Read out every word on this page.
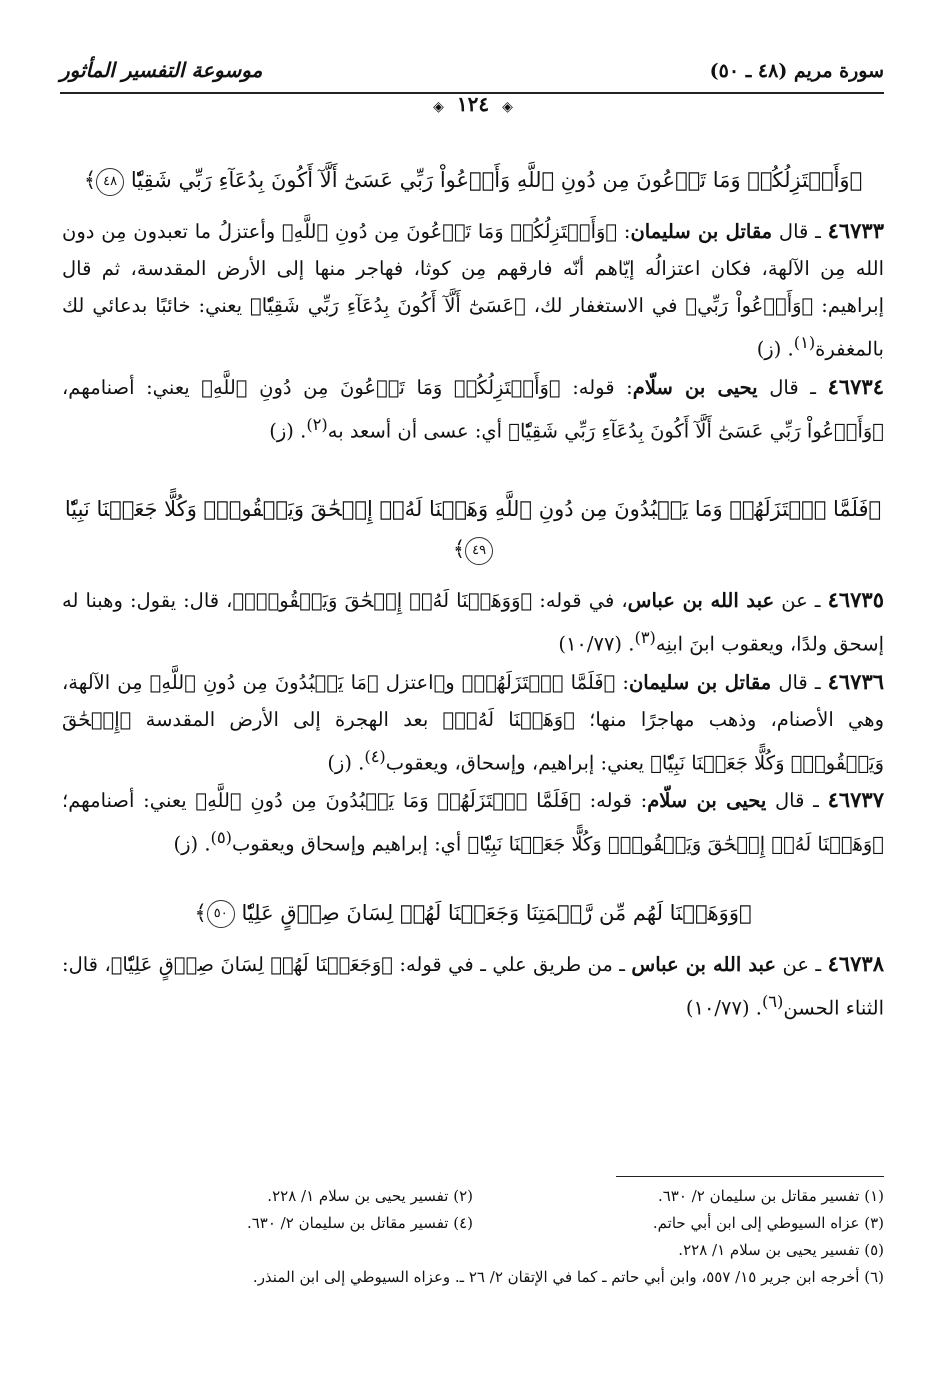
سورة مريم (٤٨ ـ ٥٠)
موسوعة التفسير المأثور
◈ ١٢٤ ◈

﴿وَأَعۡتَزِلُكُمۡ وَمَا تَدۡعُونَ مِن دُونِ ٱللَّهِ وَأَدۡعُواْ رَبِّي عَسَىٰٓ أَلَّآ أَكُونَ بِدُعَآءِ رَبِّي شَقِيّٗا ٤٨﴾

٤٦٧٣٣ ـ قال مقاتل بن سليمان: ﴿وَأَعۡتَزِلُكُمۡ وَمَا تَدۡعُونَ مِن دُونِ ٱللَّهِ﴾ وأعتزلُ ما تعبدون مِن دون الله مِن الآلهة، فكان اعتزالُه إيّاهم أنّه فارقهم مِن كوثا، فهاجر منها إلى الأرض المقدسة، ثم قال إبراهيم: ﴿وَأَدۡعُواْ رَبِّي﴾ في الاستغفار لك، ﴿عَسَىٰٓ أَلَّآ أَكُونَ بِدُعَآءِ رَبِّي شَقِيّٗا﴾ يعني: خائبًا بدعائي لك بالمغفرة$^{(١)}$. (ز)

٤٦٧٣٤ ـ قال يحيى بن سلّام: قوله: ﴿وَأَعۡتَزِلُكُمۡ وَمَا تَدۡعُونَ مِن دُونِ ٱللَّهِ﴾ يعني: أصنامهم، ﴿وَأَدۡعُواْ رَبِّي عَسَىٰٓ أَلَّآ أَكُونَ بِدُعَآءِ رَبِّي شَقِيّٗا﴾ أي: عسى أن أسعد به$^{(٢)}$. (ز)

﴿فَلَمَّا ٱعۡتَزَلَهُمۡ وَمَا يَعۡبُدُونَ مِن دُونِ ٱللَّهِ وَهَبۡنَا لَهُۥٓ إِسۡحَٰقَ وَيَعۡقُوبَۖ وَكُلًّا جَعَلۡنَا نَبِيّٗا ٤٩﴾

٤٦٧٣٥ ـ عن عبد الله بن عباس، في قوله: ﴿وَوَهَبۡنَا لَهُۥٓ إِسۡحَٰقَ وَيَعۡقُوبَۖ﴾، قال: يقول: وهبنا له إسحق ولدًا، ويعقوب ابنَ ابنِه$^{(٣)}$. (١٠/٧٧)

٤٦٧٣٦ ـ قال مقاتل بن سليمان: ﴿فَلَمَّا ٱعۡتَزَلَهُمۡ﴾ و﴿اعتزل ﴿مَا يَعۡبُدُونَ مِن دُونِ ٱللَّهِ﴾ مِن الآلهة، وهي الأصنام، وذهب مهاجرًا منها؛ ﴿وَهَبۡنَا لَهُۥٓ﴾ بعد الهجرة إلى الأرض المقدسة ﴿إِسۡحَٰقَ وَيَعۡقُوبَۖ وَكُلًّا جَعَلۡنَا نَبِيّٗا﴾ يعني: إبراهيم، وإسحاق، ويعقوب$^{(٤)}$. (ز)

٤٦٧٣٧ ـ قال يحيى بن سلّام: قوله: ﴿فَلَمَّا ٱعۡتَزَلَهُمۡ وَمَا يَعۡبُدُونَ مِن دُونِ ٱللَّهِ﴾ يعني: أصنامهم؛ ﴿وَهَبۡنَا لَهُۥٓ إِسۡحَٰقَ وَيَعۡقُوبَۖ وَكُلًّا جَعَلۡنَا نَبِيّٗا﴾ أي: إبراهيم وإسحاق ويعقوب$^{(٥)}$. (ز)

﴿وَوَهَبۡنَا لَهُم مِّن رَّحۡمَتِنَا وَجَعَلۡنَا لَهُمۡ لِسَانَ صِدۡقٍ عَلِيّٗا ٥٠﴾

٤٦٧٣٨ ـ عن عبد الله بن عباس ـ من طريق علي ـ في قوله: ﴿وَجَعَلۡنَا لَهُمۡ لِسَانَ صِدۡقٍ عَلِيّٗا﴾، قال: الثناء الحسن$^{(٦)}$. (١٠/٧٧)

(١) تفسير مقاتل بن سليمان ٢/ ٦٣٠.
(٢) تفسير يحيى بن سلام ١/ ٢٢٨.
(٣) عزاه السيوطي إلى ابن أبي حاتم.
(٤) تفسير مقاتل بن سليمان ٢/ ٦٣٠.
(٥) تفسير يحيى بن سلام ١/ ٢٢٨.
(٦) أخرجه ابن جرير ١٥/ ٥٥٧، وابن أبي حاتم ـ كما في الإتقان ٢/ ٢٦ ـ. وعزاه السيوطي إلى ابن المنذر.
